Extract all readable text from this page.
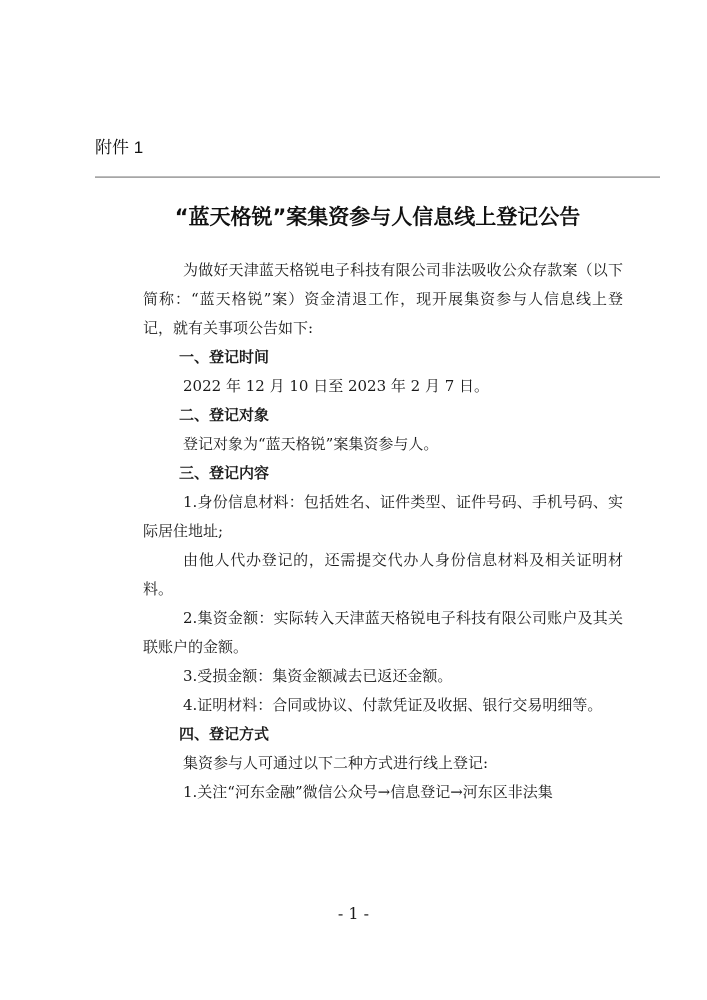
附件 1
“蓝天格锐”案集资参与人信息线上登记公告

为做好天津蓝天格锐电子科技有限公司非法吸收公众存款案（以下简称：“蓝天格锐”案）资金清退工作，现开展集资参与人信息线上登记，就有关事项公告如下:

一、登记时间

2022 年 12 月 10 日至 2023 年 2 月 7 日。

二、登记对象

登记对象为“蓝天格锐”案集资参与人。

三、登记内容

1.身份信息材料：包括姓名、证件类型、证件号码、手机号码、实际居住地址;

由他人代办登记的，还需提交代办人身份信息材料及相关证明材料。

2.集资金额：实际转入天津蓝天格锐电子科技有限公司账户及其关联账户的金额。

3.受损金额：集资金额减去已返还金额。

4.证明材料：合同或协议、付款凭证及收据、银行交易明细等。

四、登记方式

集资参与人可通过以下二种方式进行线上登记:

1.关注“河东金融”微信公众号→信息登记→河东区非法集

- 1 -
